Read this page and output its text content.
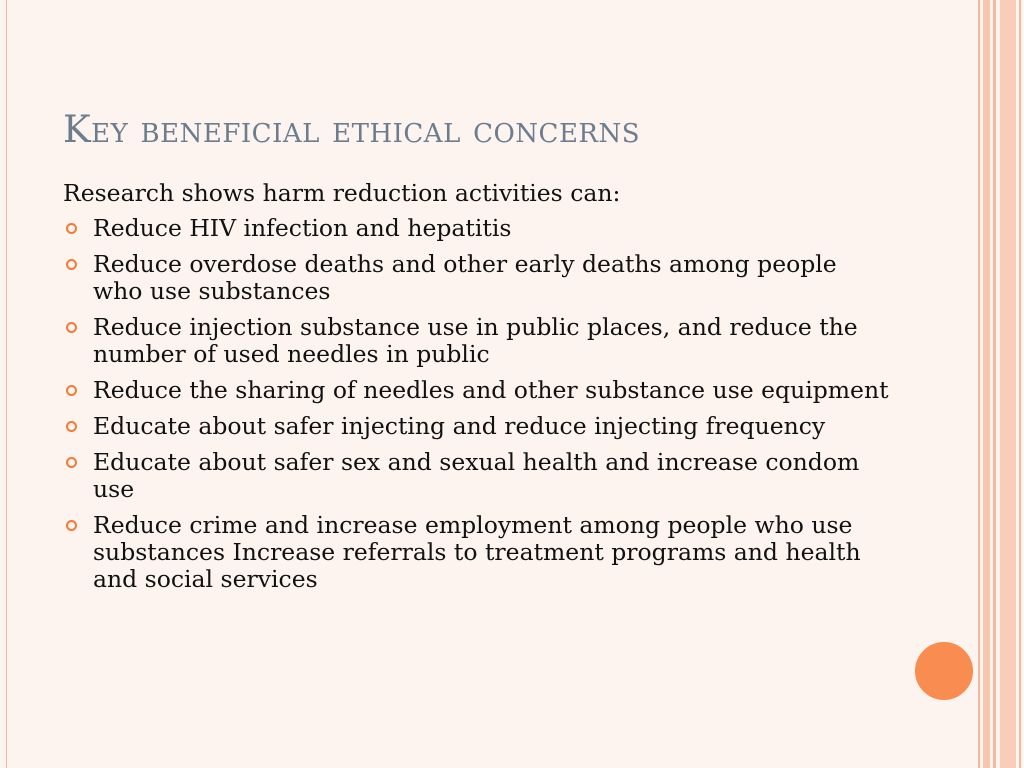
Key beneficial ethical concerns

Research shows harm reduction activities can:

Reduce HIV infection and hepatitis
Reduce overdose deaths and other early deaths among people who use substances
Reduce injection substance use in public places, and reduce the number of used needles in public
Reduce the sharing of needles and other substance use equipment
Educate about safer injecting and reduce injecting frequency
Educate about safer sex and sexual health and increase condom use
Reduce crime and increase employment among people who use substances Increase referrals to treatment programs and health and social services
